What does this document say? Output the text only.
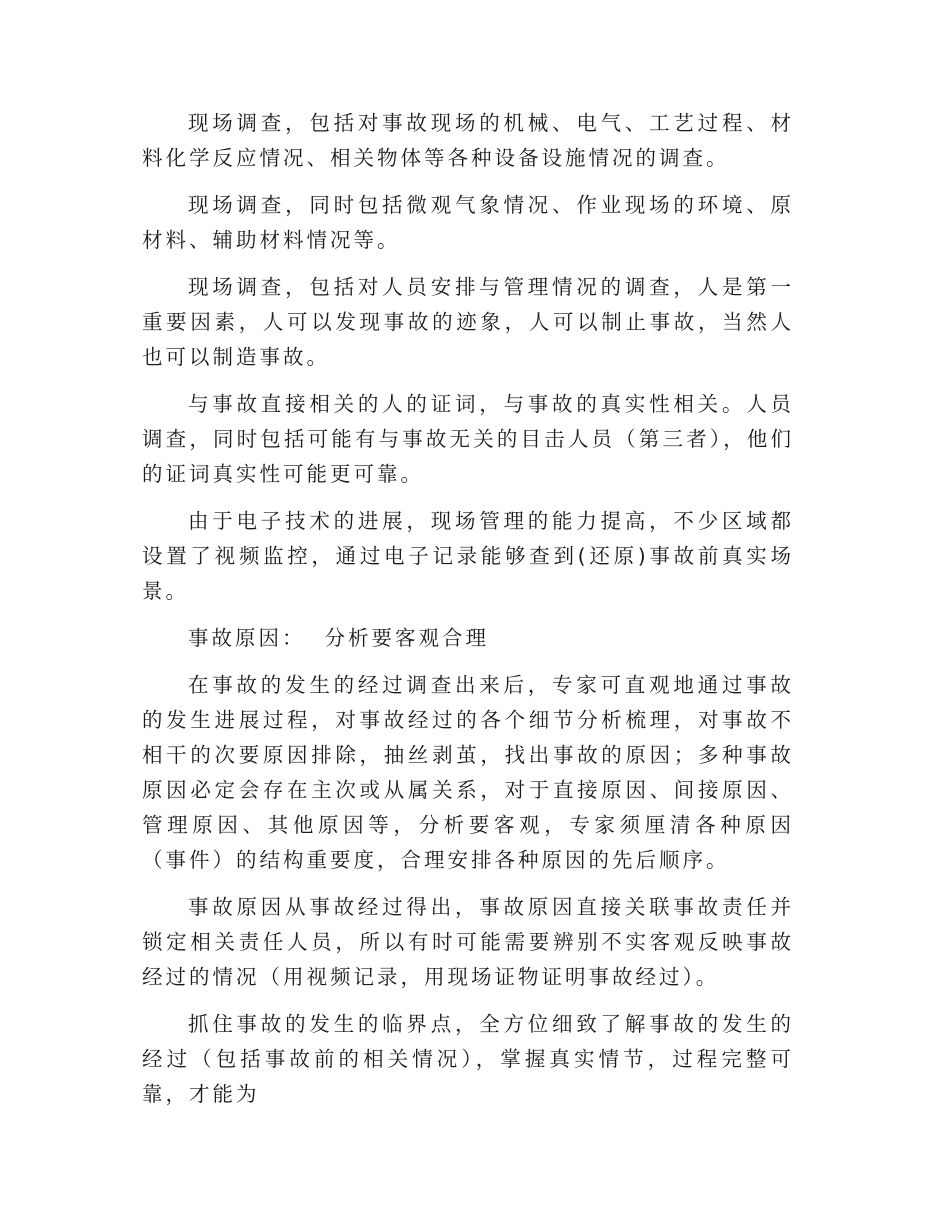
现场调查，包括对事故现场的机械、电气、工艺过程、材料化学反应情况、相关物体等各种设备设施情况的调查。

现场调查，同时包括微观气象情况、作业现场的环境、原材料、辅助材料情况等。

现场调查，包括对人员安排与管理情况的调查，人是第一重要因素，人可以发现事故的迹象，人可以制止事故，当然人也可以制造事故。

与事故直接相关的人的证词，与事故的真实性相关。人员调查，同时包括可能有与事故无关的目击人员（第三者），他们的证词真实性可能更可靠。

由于电子技术的进展，现场管理的能力提高，不少区域都设置了视频监控，通过电子记录能够查到(还原)事故前真实场景。

事故原因：  分析要客观合理

在事故的发生的经过调查出来后，专家可直观地通过事故的发生进展过程，对事故经过的各个细节分析梳理，对事故不相干的次要原因排除，抽丝剥茧，找出事故的原因；多种事故原因必定会存在主次或从属关系，对于直接原因、间接原因、管理原因、其他原因等，分析要客观，专家须厘清各种原因（事件）的结构重要度，合理安排各种原因的先后顺序。

事故原因从事故经过得出，事故原因直接关联事故责任并锁定相关责任人员，所以有时可能需要辨别不实客观反映事故经过的情况（用视频记录，用现场证物证明事故经过）。

抓住事故的发生的临界点，全方位细致了解事故的发生的经过（包括事故前的相关情况），掌握真实情节，过程完整可靠，才能为
